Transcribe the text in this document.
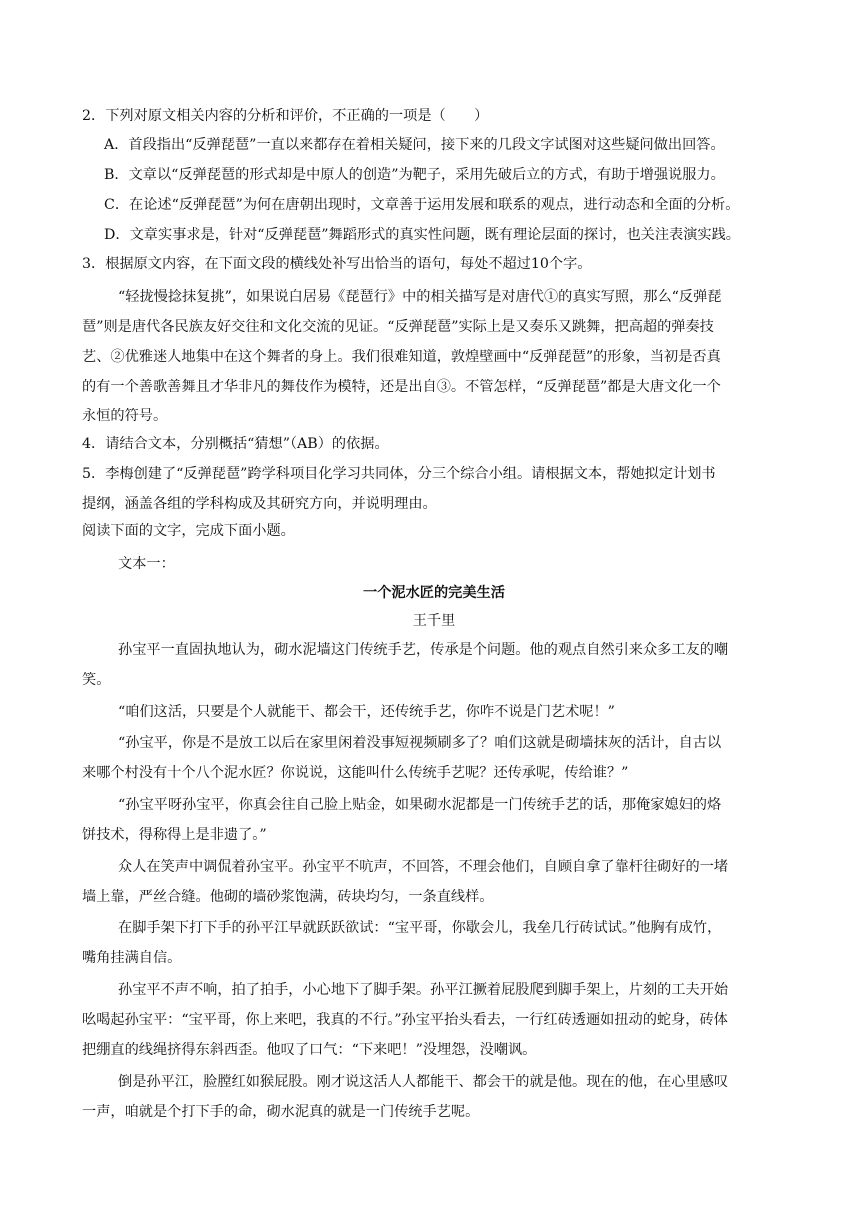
2．下列对原文相关内容的分析和评价，不正确的一项是（　　）
A．首段指出“反弹琵琶”一直以来都存在着相关疑问，接下来的几段文字试图对这些疑问做出回答。
B．文章以“反弹琵琶的形式却是中原人的创造”为靶子，采用先破后立的方式，有助于增强说服力。
C．在论述“反弹琵琶”为何在唐朝出现时，文章善于运用发展和联系的观点，进行动态和全面的分析。
D．文章实事求是，针对“反弹琵琶”舞蹈形式的真实性问题，既有理论层面的探讨，也关注表演实践。
3．根据原文内容，在下面文段的横线处补写出恰当的语句，每处不超过10个字。
“轻拢慢捻抹复挑”，如果说白居易《琵琶行》中的相关描写是对唐代①的真实写照，那么“反弹琵
琶”则是唐代各民族友好交往和文化交流的见证。“反弹琵琶”实际上是又奏乐又跳舞，把高超的弹奏技
艺、②优雅迷人地集中在这个舞者的身上。我们很难知道，敦煌壁画中“反弹琵琶”的形象，当初是否真
的有一个善歌善舞且才华非凡的舞伎作为模特，还是出自③。不管怎样，“反弹琵琶”都是大唐文化一个
永恒的符号。
4．请结合文本，分别概括“猜想”（AB）的依据。
5．李梅创建了“反弹琵琶”跨学科项目化学习共同体，分三个综合小组。请根据文本，帮她拟定计划书
提纲，涵盖各组的学科构成及其研究方向，并说明理由。
阅读下面的文字，完成下面小题。
文本一：
一个泥水匠的完美生活
王千里
孙宝平一直固执地认为，砌水泥墙这门传统手艺，传承是个问题。他的观点自然引来众多工友的嘲
笑。
“咱们这活，只要是个人就能干、都会干，还传统手艺，你咋不说是门艺术呢！”
“孙宝平，你是不是放工以后在家里闲着没事短视频刷多了？咱们这就是砌墙抹灰的活计，自古以
来哪个村没有十个八个泥水匠？你说说，这能叫什么传统手艺呢？还传承呢，传给谁？”
“孙宝平呀孙宝平，你真会往自己脸上贴金，如果砌水泥都是一门传统手艺的话，那俺家媳妇的烙
饼技术，得称得上是非遗了。”
众人在笑声中调侃着孙宝平。孙宝平不吭声，不回答，不理会他们，自顾自拿了靠杆往砌好的一堵
墙上靠，严丝合缝。他砌的墙砂浆饱满，砖块均匀，一条直线样。
在脚手架下打下手的孙平江早就跃跃欲试：“宝平哥，你歇会儿，我垒几行砖试试。”他胸有成竹，
嘴角挂满自信。
孙宝平不声不响，拍了拍手，小心地下了脚手架。孙平江撅着屁股爬到脚手架上，片刻的工夫开始
吆喝起孙宝平：“宝平哥，你上来吧，我真的不行。”孙宝平抬头看去，一行红砖透逦如扭动的蛇身，砖体
把绷直的线绳挤得东斜西歪。他叹了口气：“下来吧！”没埋怨，没嘲讽。
倒是孙平江，脸膛红如猴屁股。刚才说这活人人都能干、都会干的就是他。现在的他，在心里感叹
一声，咱就是个打下手的命，砌水泥真的就是一门传统手艺呢。
